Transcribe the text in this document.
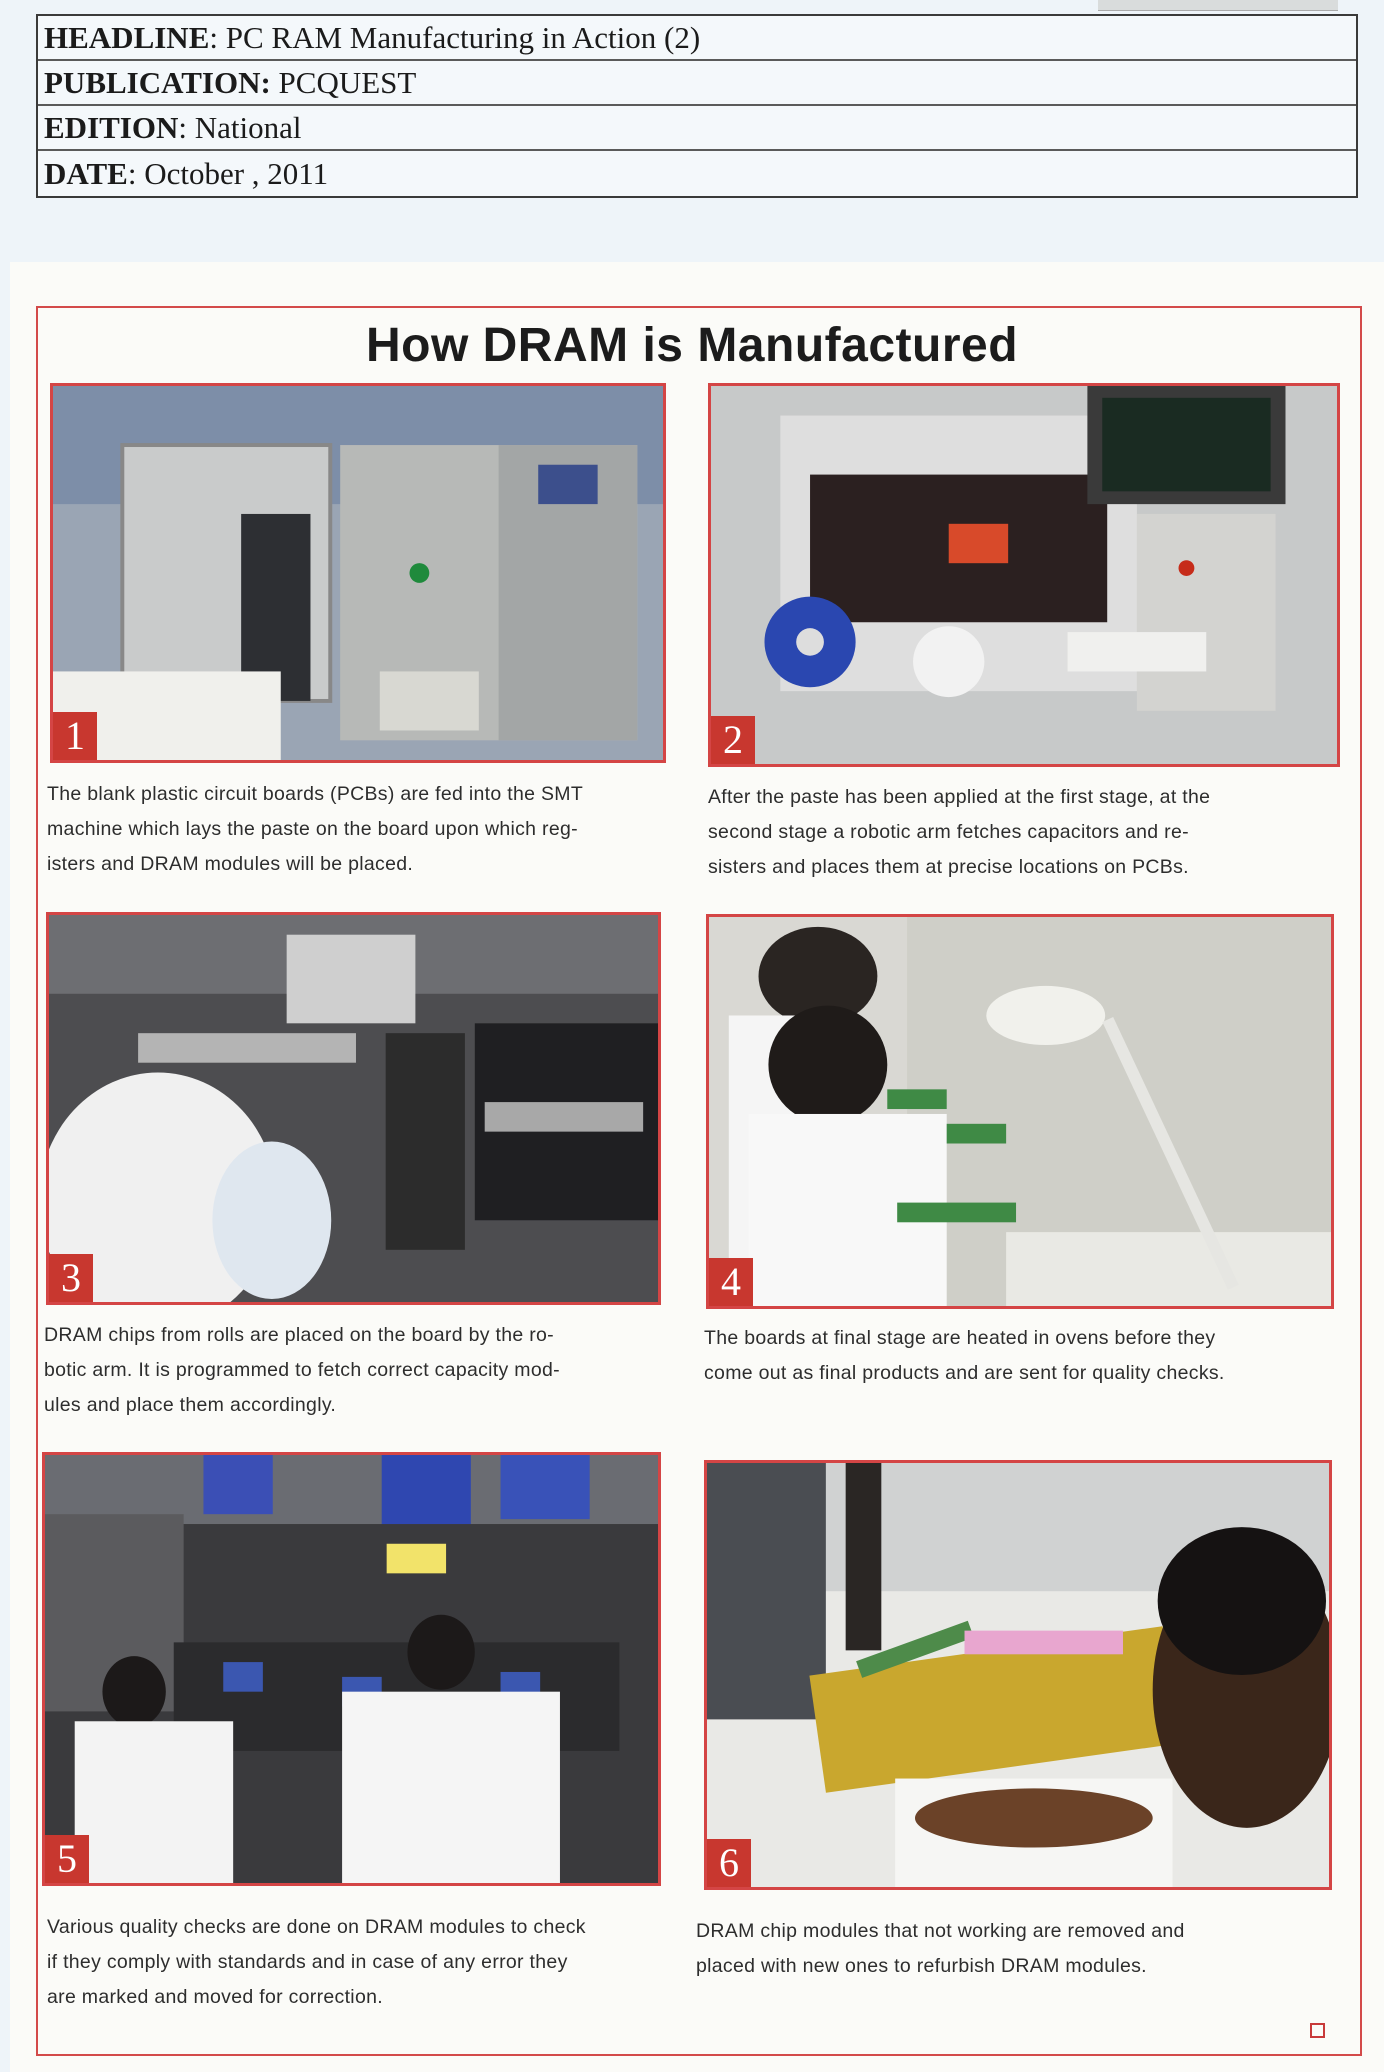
HEADLINE : PC RAM Manufacturing in Action (2)
PUBLICATION:
PCQUEST
EDITION : National
DATE : October , 2011
How DRAM is Manufactured
1	2
3	4
5	6
The blank plastic circuit boards (PCBs) are fed into the SMT
machine which lays the paste on the board upon which reg-
isters and DRAM modules will be placed.
After the paste has been applied at the first stage, at the
second stage a robotic arm fetches capacitors and re-
sisters and places them at precise locations on PCBs.
DRAM chips from rolls are placed on the board by the ro-
botic arm. It is programmed to fetch correct capacity mod-
ules and place them accordingly.
The boards at final stage are heated in ovens before they
come out as final products and are sent for quality checks.
Various quality checks are done on DRAM modules to check
if they comply with standards and in case of any error they
are marked and moved for correction.
DRAM chip modules that not working are removed and
placed with new ones to refurbish DRAM modules.
